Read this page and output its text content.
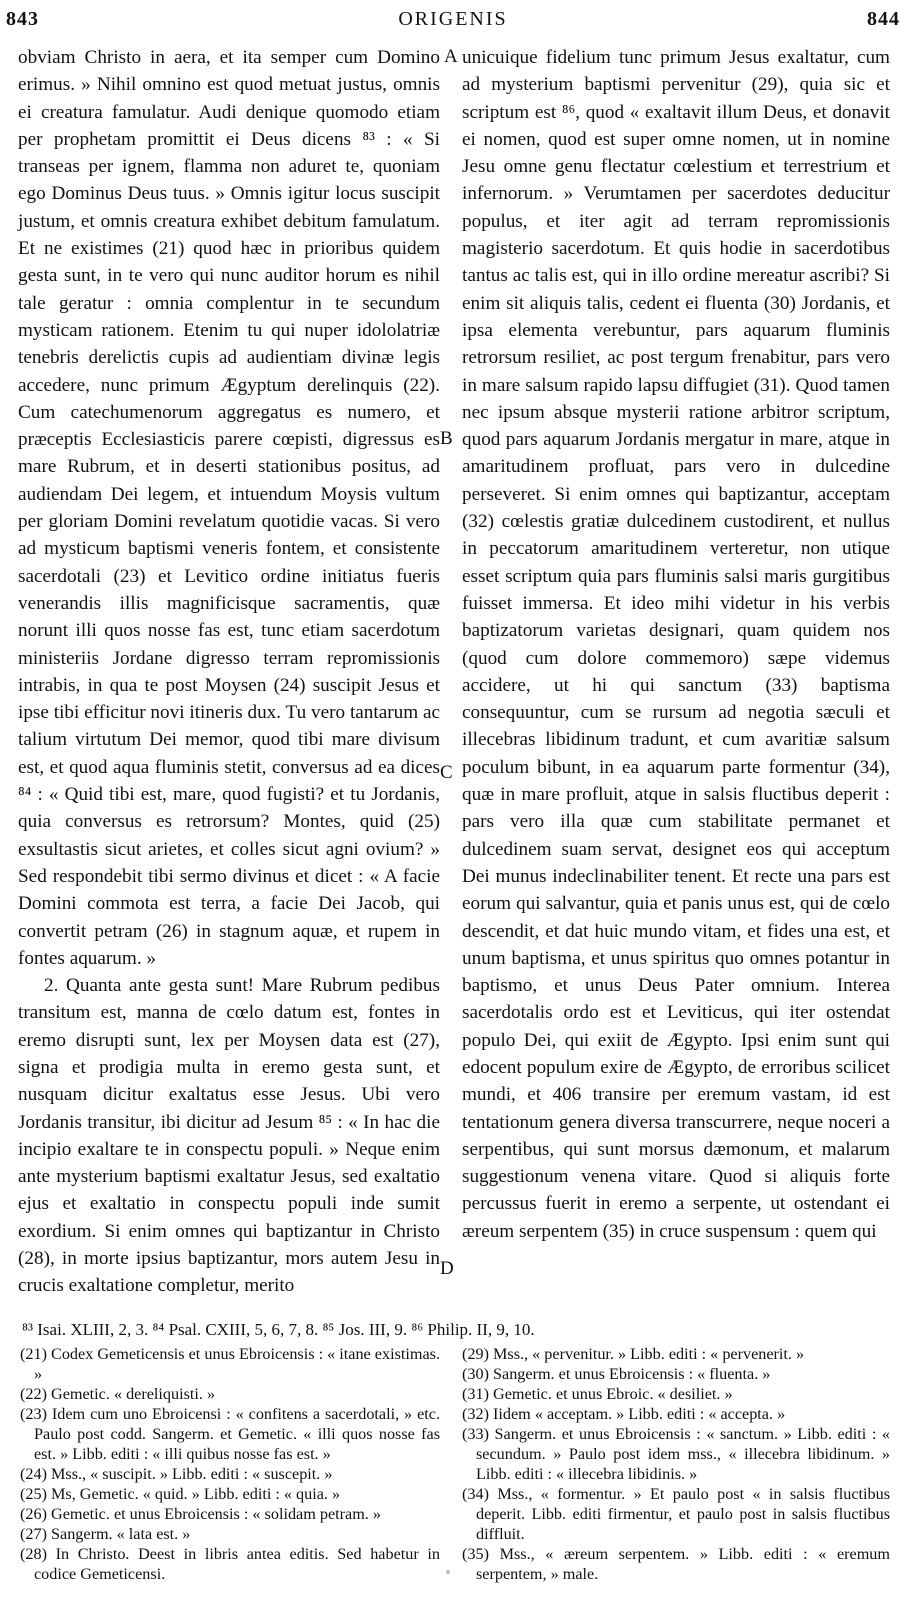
843	ORIGENIS	844

obviam Christo in aera, et ita semper cum Domino erimus. » Nihil omnino est quod metuat justus, omnis ei creatura famulatur. Audi denique quomodo etiam per prophetam promittit ei Deus dicens ⁸³ : « Si transeas per ignem, flamma non aduret te, quoniam ego Dominus Deus tuus. » Omnis igitur locus suscipit justum, et omnis creatura exhibet debitum famulatum. Et ne existimes (21) quod hæc in prioribus quidem gesta sunt, in te vero qui nunc auditor horum es nihil tale geratur : omnia complentur in te secundum mysticam rationem. Etenim tu qui nuper idololatriæ tenebris derelictis cupis ad audientiam divinæ legis accedere, nunc primum Ægyptum derelinquis (22). Cum catechumenorum aggregatus es numero, et præceptis Ecclesiasticis parere cœpisti, digressus es mare Rubrum, et in deserti stationibus positus, ad audiendam Dei legem, et intuendum Moysis vultum per gloriam Domini revelatum quotidie vacas. Si vero ad mysticum baptismi veneris fontem, et consistente sacerdotali (23) et Levitico ordine initiatus fueris venerandis illis magnificisque sacramentis, quæ norunt illi quos nosse fas est, tunc etiam sacerdotum ministeriis Jordane digresso terram repromissionis intrabis, in qua te post Moysen (24) suscipit Jesus et ipse tibi efficitur novi itineris dux. Tu vero tantarum ac talium virtutum Dei memor, quod tibi mare divisum est, et quod aqua fluminis stetit, conversus ad ea dices ⁸⁴ : « Quid tibi est, mare, quod fugisti? et tu Jordanis, quia conversus es retrorsum? Montes, quid (25) exsultastis sicut arietes, et colles sicut agni ovium? » Sed respondebit tibi sermo divinus et dicet : « A facie Domini commota est terra, a facie Dei Jacob, qui convertit petram (26) in stagnum aquæ, et rupem in fontes aquarum. »

2. Quanta ante gesta sunt! Mare Rubrum pedibus transitum est, manna de cœlo datum est, fontes in eremo disrupti sunt, lex per Moysen data est (27), signa et prodigia multa in eremo gesta sunt, et nusquam dicitur exaltatus esse Jesus. Ubi vero Jordanis transitur, ibi dicitur ad Jesum ⁸⁵ : « In hac die incipio exaltare te in conspectu populi. » Neque enim ante mysterium baptismi exaltatur Jesus, sed exaltatio ejus et exaltatio in conspectu populi inde sumit exordium. Si enim omnes qui baptizantur in Christo (28), in morte ipsius baptizantur, mors autem Jesu in crucis exaltatione completur, merito

A
B
C
D

unicuique fidelium tunc primum Jesus exaltatur, cum ad mysterium baptismi pervenitur (29), quia sic et scriptum est ⁸⁶, quod « exaltavit illum Deus, et donavit ei nomen, quod est super omne nomen, ut in nomine Jesu omne genu flectatur cœlestium et terrestrium et infernorum. » Verumtamen per sacerdotes deducitur populus, et iter agit ad terram repromissionis magisterio sacerdotum. Et quis hodie in sacerdotibus tantus ac talis est, qui in illo ordine mereatur ascribi? Si enim sit aliquis talis, cedent ei fluenta (30) Jordanis, et ipsa elementa verebuntur, pars aquarum fluminis retrorsum resiliet, ac post tergum frenabitur, pars vero in mare salsum rapido lapsu diffugiet (31). Quod tamen nec ipsum absque mysterii ratione arbitror scriptum, quod pars aquarum Jordanis mergatur in mare, atque in amaritudinem profluat, pars vero in dulcedine perseveret. Si enim omnes qui baptizantur, acceptam (32) cœlestis gratiæ dulcedinem custodirent, et nullus in peccatorum amaritudinem verteretur, non utique esset scriptum quia pars fluminis salsi maris gurgitibus fuisset immersa. Et ideo mihi videtur in his verbis baptizatorum varietas designari, quam quidem nos (quod cum dolore commemoro) sæpe videmus accidere, ut hi qui sanctum (33) baptisma consequuntur, cum se rursum ad negotia sæculi et illecebras libidinum tradunt, et cum avaritiæ salsum poculum bibunt, in ea aquarum parte formentur (34), quæ in mare profluit, atque in salsis fluctibus deperit : pars vero illa quæ cum stabilitate permanet et dulcedinem suam servat, designet eos qui acceptum Dei munus indeclinabiliter tenent. Et recte una pars est eorum qui salvantur, quia et panis unus est, qui de cœlo descendit, et dat huic mundo vitam, et fides una est, et unum baptisma, et unus spiritus quo omnes potantur in baptismo, et unus Deus Pater omnium. Interea sacerdotalis ordo est et Leviticus, qui iter ostendat populo Dei, qui exiit de Ægypto. Ipsi enim sunt qui edocent populum exire de Ægypto, de erroribus scilicet mundi, et 406 transire per eremum vastam, id est tentationum genera diversa transcurrere, neque noceri a serpentibus, qui sunt morsus dæmonum, et malarum suggestionum venena vitare. Quod si aliquis forte percussus fuerit in eremo a serpente, ut ostendant ei æreum serpentem (35) in cruce suspensum : quem qui

⁸³ Isai. XLIII, 2, 3. ⁸⁴ Psal. CXIII, 5, 6, 7, 8. ⁸⁵ Jos. III, 9. ⁸⁶ Philip. II, 9, 10.
(21) Codex Gemeticensis et unus Ebroicensis : « itane existimas. »
(22) Gemetic. « dereliquisti. »
(23) Idem cum uno Ebroicensi : « confitens a sacerdotali, » etc. Paulo post codd. Sangerm. et Gemetic. « illi quos nosse fas est. » Libb. editi : « illi quibus nosse fas est. »
(24) Mss., « suscipit. » Libb. editi : « suscepit. »
(25) Ms, Gemetic. « quid. » Libb. editi : « quia. »
(26) Gemetic. et unus Ebroicensis : « solidam petram. »
(27) Sangerm. « lata est. »
(28) In Christo. Deest in libris antea editis. Sed habetur in codice Gemeticensi.
(29) Mss., « pervenitur. » Libb. editi : « pervenerit. »
(30) Sangerm. et unus Ebroicensis : « fluenta. »
(31) Gemetic. et unus Ebroic. « desiliet. »
(32) Iidem « acceptam. » Libb. editi : « accepta. »
(33) Sangerm. et unus Ebroicensis : « sanctum. » Libb. editi : « secundum. » Paulo post idem mss., « illecebra libidinum. » Libb. editi : « illecebra libidinis. »
(34) Mss., « formentur. » Et paulo post « in salsis fluctibus deperit. Libb. editi firmentur, et paulo post in salsis fluctibus diffluit.
(35) Mss., « æreum serpentem. » Libb. editi : « eremum serpentem, » male.
